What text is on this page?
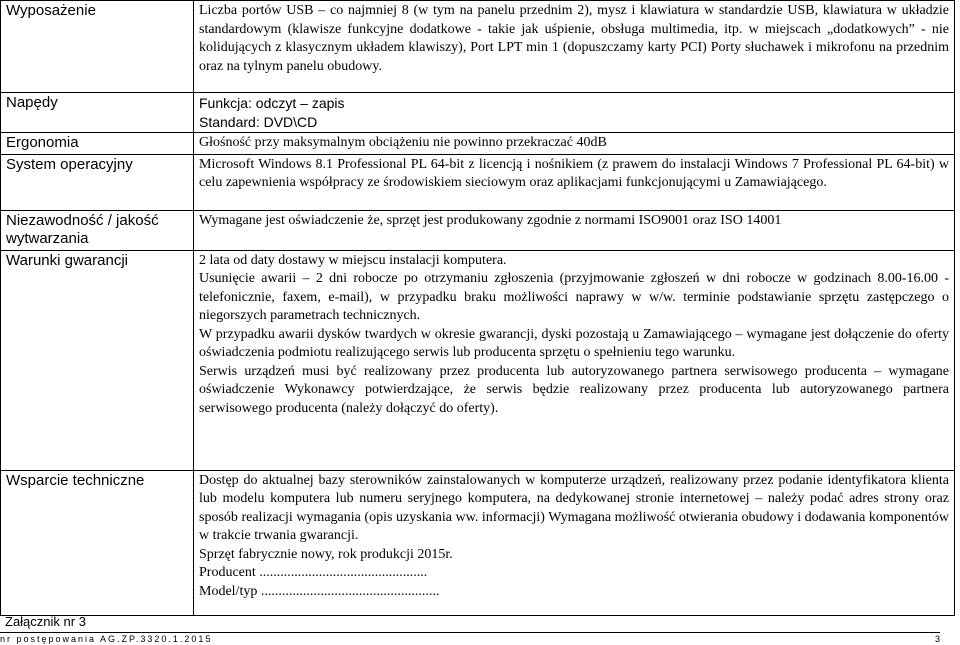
Wyposażenie	Liczba portów USB – co najmniej 8 (w tym na panelu przednim 2), mysz i klawiatura w standardzie USB, klawiatura w układzie standardowym (klawisze funkcyjne dodatkowe - takie jak uśpienie, obsługa multimedia, itp. w miejscach „dodatkowych” - nie kolidujących z klasycznym układem klawiszy), Port LPT min 1 (dopuszczamy karty PCI) Porty słuchawek i mikrofonu na przednim oraz na tylnym panelu obudowy.

Napędy	Funkcja: odczyt – zapis
Standard: DVD\CD

Ergonomia	Głośność przy maksymalnym obciążeniu nie powinno przekraczać 40dB

System operacyjny	Microsoft Windows 8.1 Professional PL 64-bit z licencją i nośnikiem (z prawem do instalacji Windows 7 Professional PL 64-bit) w celu zapewnienia współpracy ze środowiskiem sieciowym oraz aplikacjami funkcjonującymi u Zamawiającego.

Niezawodność / jakość wytwarzania	Wymagane jest oświadczenie że, sprzęt jest produkowany zgodnie z normami ISO9001 oraz ISO 14001

Warunki gwarancji	2 lata od daty dostawy w miejscu instalacji komputera.
Usunięcie awarii – 2 dni robocze po otrzymaniu zgłoszenia (przyjmowanie zgłoszeń w dni robocze w godzinach 8.00-16.00 - telefonicznie, faxem, e-mail), w przypadku braku możliwości naprawy w w/w. terminie podstawianie sprzętu zastępczego o niegorszych parametrach technicznych.
W przypadku awarii dysków twardych w okresie gwarancji, dyski pozostają u Zamawiającego – wymagane jest dołączenie do oferty oświadczenia podmiotu realizującego serwis lub producenta sprzętu o spełnieniu tego warunku.
Serwis urządzeń musi być realizowany przez producenta lub autoryzowanego partnera serwisowego producenta – wymagane oświadczenie Wykonawcy potwierdzające, że serwis będzie realizowany przez producenta lub autoryzowanego partnera serwisowego producenta (należy dołączyć do oferty).

Wsparcie techniczne	Dostęp do aktualnej bazy sterowników zainstalowanych w komputerze urządzeń, realizowany przez podanie identyfikatora klienta lub modelu komputera lub numeru seryjnego komputera, na dedykowanej stronie internetowej – należy podać adres strony oraz sposób realizacji wymagania (opis uzyskania ww. informacji) Wymagana możliwość otwierania obudowy i dodawania komponentów w trakcie trwania gwarancji.
Sprzęt fabrycznie nowy, rok produkcji 2015r.
Producent ................................................
Model/typ ...................................................
Załącznik nr 3
nr postępowania AG.ZP.3320.1.2015	3
